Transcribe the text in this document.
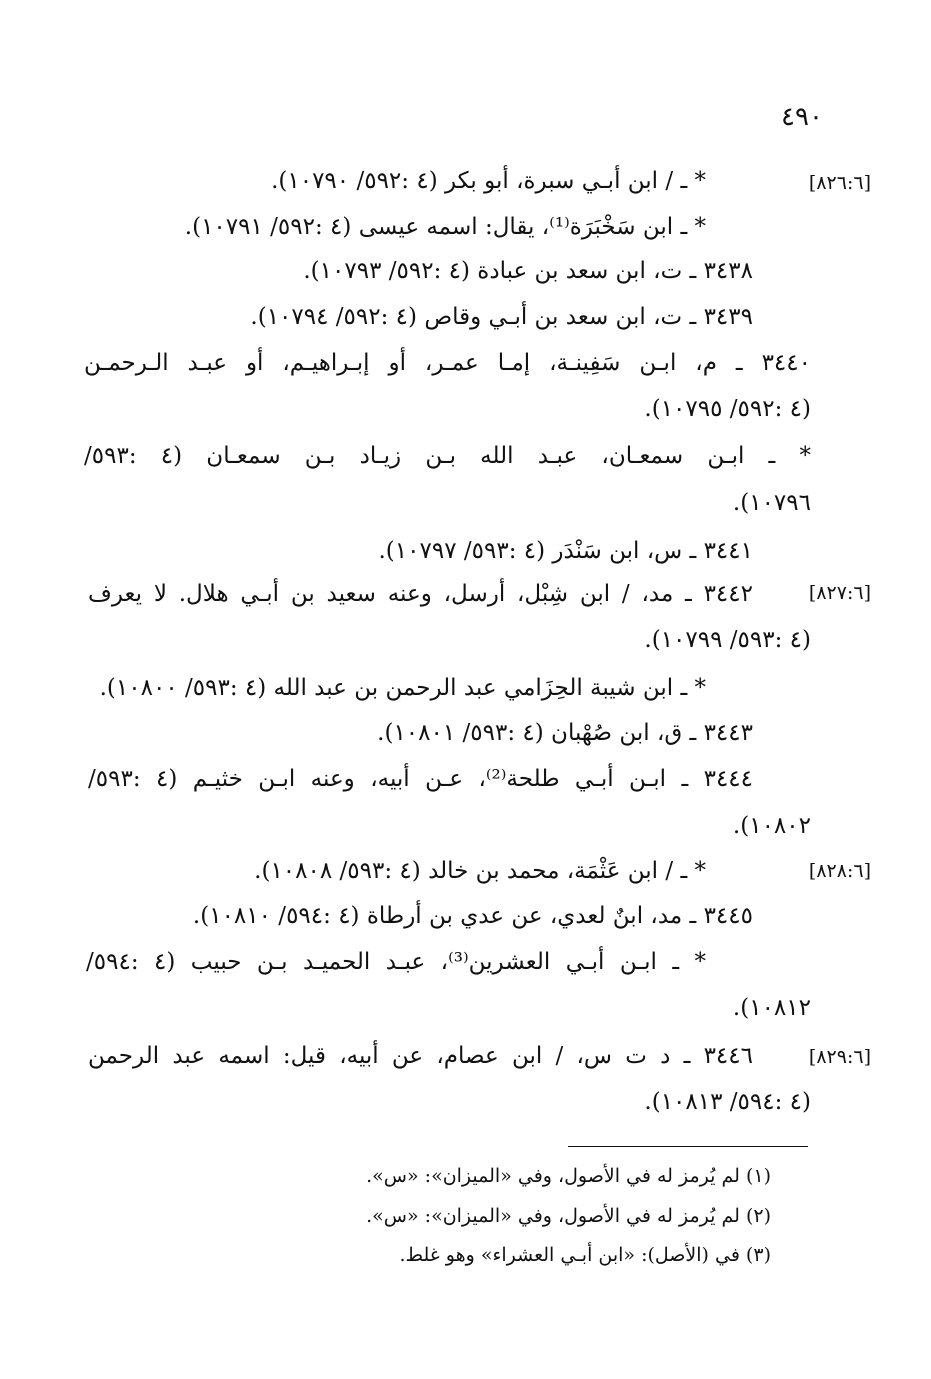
٤٩٠
[٨٢٦:٦]
[٨٢٧:٦]
[٨٢٨:٦]
[٨٢٩:٦]
* ـ / ابن أبـي سبرة، أبو بكر (٤ :٥٩٢/ ١٠٧٩٠).
* ـ ابن سَخْبَرَة⁽¹⁾، يقال: اسمه عيسى (٤ :٥٩٢/ ١٠٧٩١).
٣٤٣٨ ـ ت، ابن سعد بن عبادة (٤ :٥٩٢/ ١٠٧٩٣).
٣٤٣٩ ـ ت، ابن سعد بن أبـي وقاص (٤ :٥٩٢/ ١٠٧٩٤).
٣٤٤٠ ـ م، ابـن سَفِينـة، إمـا عمـر، أو إبـراهيـم، أو عبـد الـرحمـن
(٤ :٥٩٢/ ١٠٧٩٥).
* ـ ابـن سمعـان، عبـد الله بـن زيـاد بـن سمعـان (٤ :٥٩٣/
١٠٧٩٦).
٣٤٤١ ـ س، ابن سَنْدَر (٤ :٥٩٣/ ١٠٧٩٧).
٣٤٤٢ ـ مد، / ابن شِبْل، أرسل، وعنه سعيد بن أبـي هلال. لا يعرف
(٤ :٥٩٣/ ١٠٧٩٩).
* ـ ابن شيبة الحِزَامي عبد الرحمن بن عبد الله (٤ :٥٩٣/ ١٠٨٠٠).
٣٤٤٣ ـ ق، ابن صُهْبان (٤ :٥٩٣/ ١٠٨٠١).
٣٤٤٤ ـ ابـن أبـي طلحة⁽²⁾، عـن أبيه، وعنه ابـن خثيـم (٤ :٥٩٣/
١٠٨٠٢).
* ـ / ابن عَثْمَة، محمد بن خالد (٤ :٥٩٣/ ١٠٨٠٨).
٣٤٤٥ ـ مد، ابنٌ لعدي، عن عدي بن أرطاة (٤ :٥٩٤/ ١٠٨١٠).
* ـ ابـن أبـي العشرين⁽³⁾، عبـد الحميـد بـن حبيب (٤ :٥٩٤/
١٠٨١٢).
٣٤٤٦ ـ د ت س، / ابن عصام، عن أبيه، قيل: اسمه عبد الرحمن
(٤ :٥٩٤/ ١٠٨١٣).
(١) لم يُرمز له في الأصول، وفي «الميزان»: «س».
(٢) لم يُرمز له في الأصول، وفي «الميزان»: «س».
(٣) في (الأصل): «ابن أبـي العشراء» وهو غلط.
